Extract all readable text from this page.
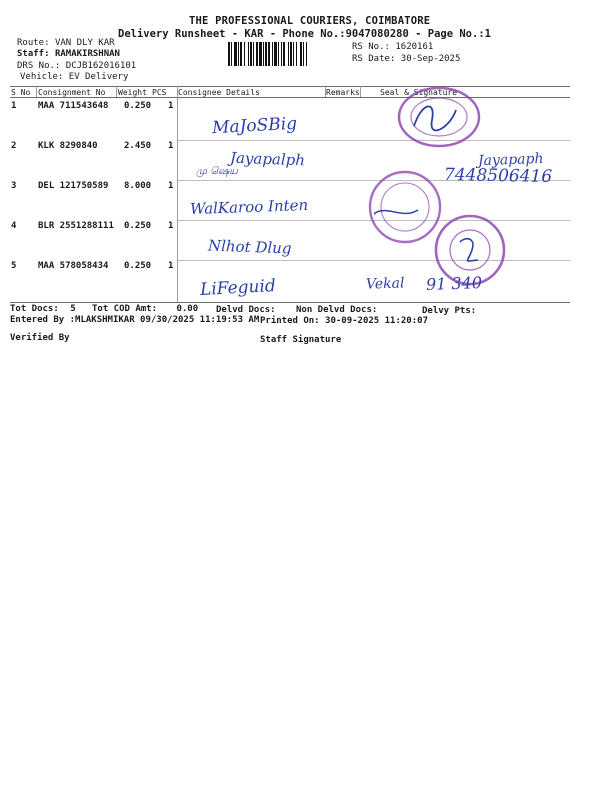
THE PROFESSIONAL COURIERS, COIMBATORE
Delivery Runsheet - KAR - Phone No.:9047080280 - Page No.:1
Route: VAN DLY KAR
Staff: RAMAKIRSHNAN
DRS No.: DCJB162016101
Vehicle: EV Delivery
RS No.: 1620161
RS Date: 30-Sep-2025
S No Consignment No Weight PCS Consignee Details	Remarks	Seal & Signature
1 MAA 711543648 0.250 1
2 KLK 8290840	2.450 1
3 DEL 121750589 8.000 1
4 BLR 2551288111 0.250 1
5 MAA 578058434 0.250 1
MaJoSBig
Jayapalph
மு ஷெய
Jayapaph
7448506416
WalKaroo Inten
Nlhot Dlug
LiFeguid	Vekal 91 340
Tot Docs: 5 Tot COD Amt: 0.00 Delvd Docs: Non Delvd Docs:	Delvy Pts:
Entered By :MLAKSHMIKAR 09/30/2025 11:19:53 AM Printed On: 30-09-2025 11:20:07
Verified By	Staff Signature
